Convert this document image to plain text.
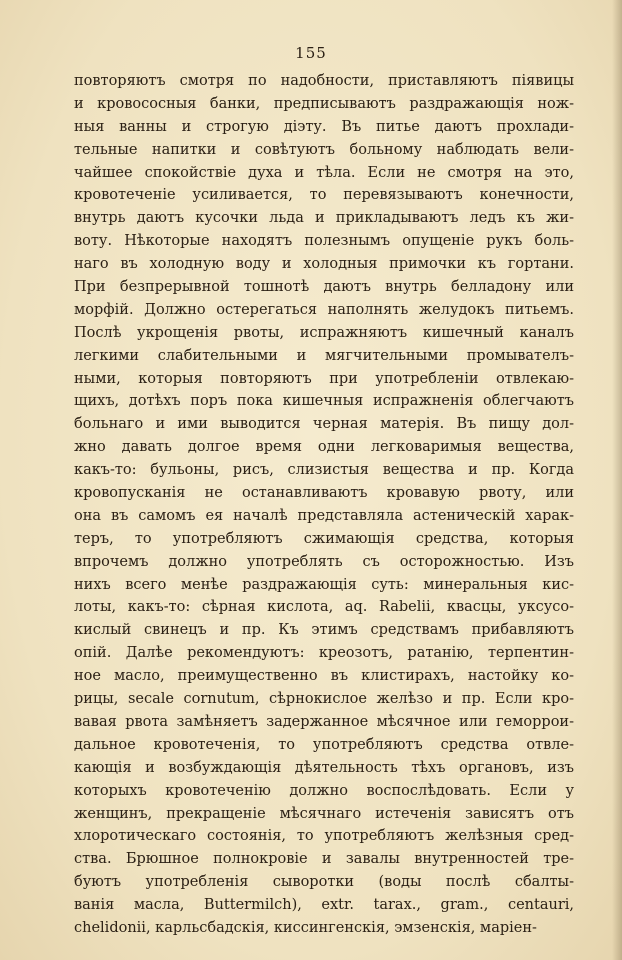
155
повторяютъ смотря по надобности, приставляютъ піявицы
и кровососныя банки, предписываютъ раздражающія нож-
ныя ванны и строгую діэту. Въ питье даютъ прохлади-
тельные напитки и совѣтуютъ больному наблюдать вели-
чайшее спокойствіе духа и тѣла. Если не смотря на это,
кровотеченіе усиливается, то перевязываютъ конечности,
внутрь даютъ кусочки льда и прикладываютъ ледъ къ жи-
воту. Нѣкоторые находятъ полезнымъ опущеніе рукъ боль-
наго въ холодную воду и холодныя примочки къ гортани.
При безпрерывной тошнотѣ даютъ внутрь белладону или
морфій. Должно остерегаться наполнять желудокъ питьемъ.
Послѣ укрощенія рвоты, испражняютъ кишечный каналъ
легкими слабительными и мягчительными промывателъ-
ными, которыя повторяютъ при употребленіи отвлекаю-
щихъ, дотѣхъ поръ пока кишечныя испражненія облегчаютъ
больнаго и ими выводится черная матерія. Въ пищу дол-
жно давать долгое время одни легковаримыя вещества,
какъ-то: бульоны, рисъ, слизистыя вещества и пр. Когда
кровопусканія не останавливаютъ кровавую рвоту, или
она въ самомъ ея началѣ представляла астеническій харак-
теръ, то употребляютъ сжимающія средства, которыя
впрочемъ должно употреблять съ осторожностью. Изъ
нихъ всего менѣе раздражающія суть: минеральныя кис-
лоты, какъ-то: сѣрная кислота, aq. Rabelii, квасцы, уксусо-
кислый свинецъ и пр. Къ этимъ средствамъ прибавляютъ
опій. Далѣе рекомендуютъ: креозотъ, ратанію, терпентин-
ное масло, преимущественно въ клистирахъ, настойку ко-
рицы, secale cornutum, сѣрнокислое желѣзо и пр. Если кро-
вавая рвота замѣняетъ задержанное мѣсячное или геморрои-
дальное кровотеченія, то употребляютъ средства отвле-
кающія и возбуждающія дѣятельность тѣхъ органовъ, изъ
которыхъ кровотеченію должно воспослѣдовать. Если у
женщинъ, прекращеніе мѣсячнаго истеченія зависятъ отъ
хлоротическаго состоянія, то употребляютъ желѣзныя сред-
ства. Брюшное полнокровіе и завалы внутренностей тре-
буютъ употребленія сыворотки (воды послѣ сбалты-
ванія масла, Buttermilch), extr. tarax., gram., centauri,
chelidonii, карльсбадскія, киссингенскія, эмзенскія, маріен-
